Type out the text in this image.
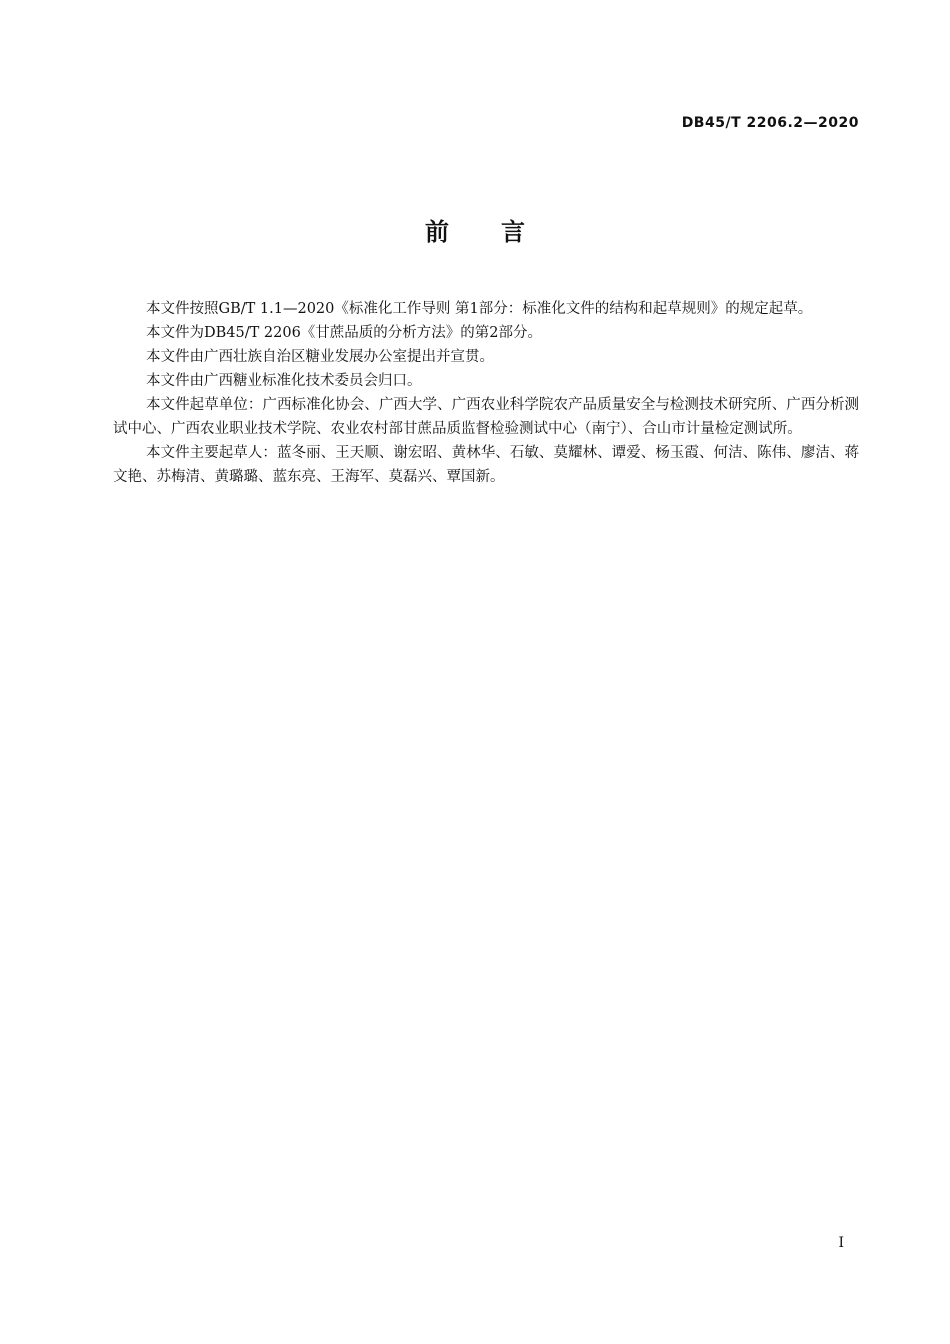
DB45/T 2206.2—2020
前言

本文件按照GB/T 1.1—2020《标准化工作导则 第1部分：标准化文件的结构和起草规则》的规定起草。

本文件为DB45/T 2206《甘蔗品质的分析方法》的第2部分。

本文件由广西壮族自治区糖业发展办公室提出并宣贯。

本文件由广西糖业标准化技术委员会归口。

本文件起草单位：广西标准化协会、广西大学、广西农业科学院农产品质量安全与检测技术研究所、广西分析测试中心、广西农业职业技术学院、农业农村部甘蔗品质监督检验测试中心（南宁）、合山市计量检定测试所。

本文件主要起草人：蓝冬丽、王天顺、谢宏昭、黄林华、石敏、莫耀林、谭爱、杨玉霞、何洁、陈伟、廖洁、蒋文艳、苏梅清、黄璐璐、蓝东亮、王海军、莫磊兴、覃国新。

I
